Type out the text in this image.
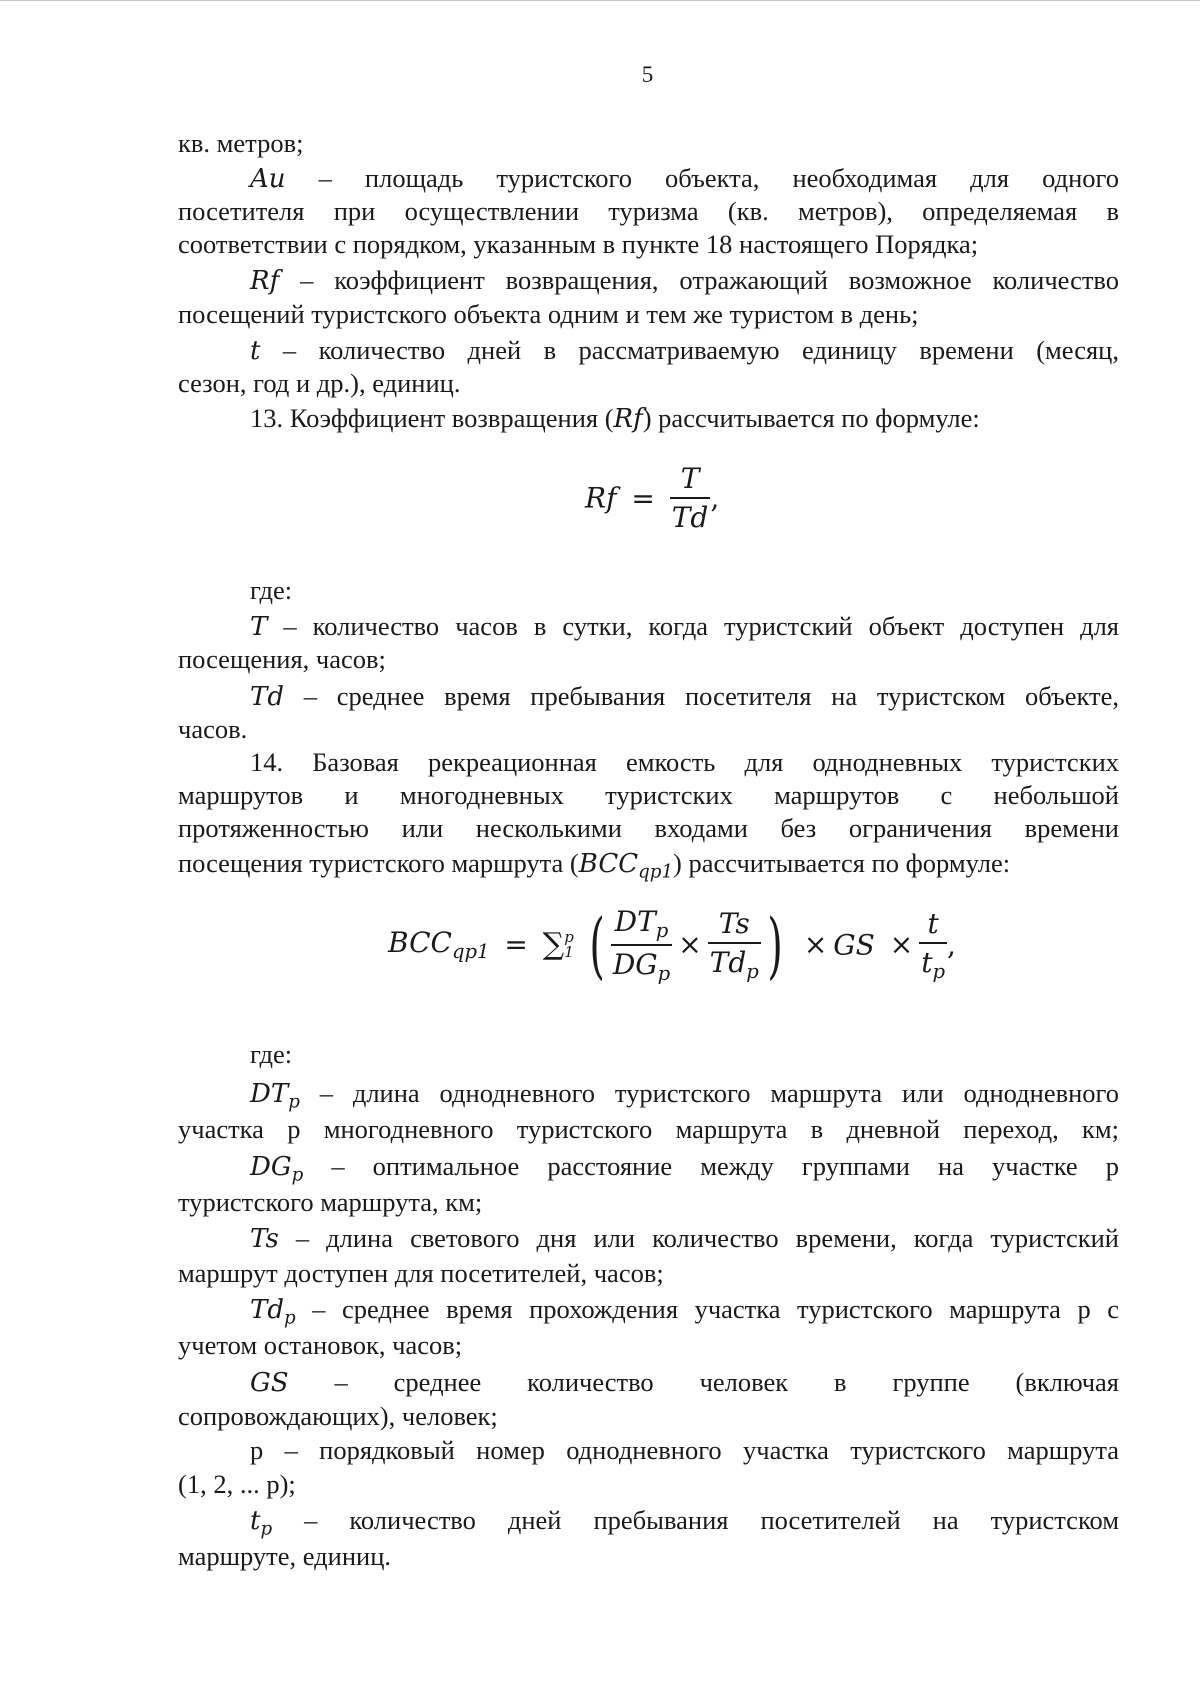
5
кв. метров;
Au – площадь туристского объекта, необходимая для одного
посетителя при осуществлении туризма (кв. метров), определяемая в
соответствии с порядком, указанным в пункте 18 настоящего Порядка;
Rf – коэффициент возвращения, отражающий возможное количество
посещений туристского объекта одним и тем же туристом в день;
t – количество дней в рассматриваемую единицу времени (месяц,
сезон, год и др.), единиц.
13. Коэффициент возвращения (Rf) рассчитывается по формуле:
$Rf = \frac{T}{Td}$ ,
где:
T – количество часов в сутки, когда туристский объект доступен для
посещения, часов;
Td – среднее время пребывания посетителя на туристском объекте,
часов.
14. Базовая рекреационная емкость для однодневных туристских
маршрутов и многодневных туристских маршрутов с небольшой
протяженностью или несколькими входами без ограничения времени
посещения туристского маршрута $(BCC_{qp1})$ рассчитывается по формуле:
$BCC_{qp1}$ = ∑ p
1 ( $\frac{DT_p}{DG_p} \times \frac{Ts}{Td_p}$ ) × GS × $\frac{t}{t_p}$ ,
где:
$DT_p$ – длина однодневного туристского маршрута или однодневного
участка р многодневного туристского маршрута в дневной переход, км;
$DG_p$ – оптимальное расстояние между группами на участке р
туристского маршрута, км;
Ts – длина светового дня или количество времени, когда туристский
маршрут доступен для посетителей, часов;
$Td_p$ – среднее время прохождения участка туристского маршрута р с
учетом остановок, часов;
GS – среднее количество человек в группе (включая
сопровождающих), человек;
р – порядковый номер однодневного участка туристского маршрута
(1, 2, ... р);
$t_p$ – количество дней пребывания посетителей на туристском
маршруте, единиц.
